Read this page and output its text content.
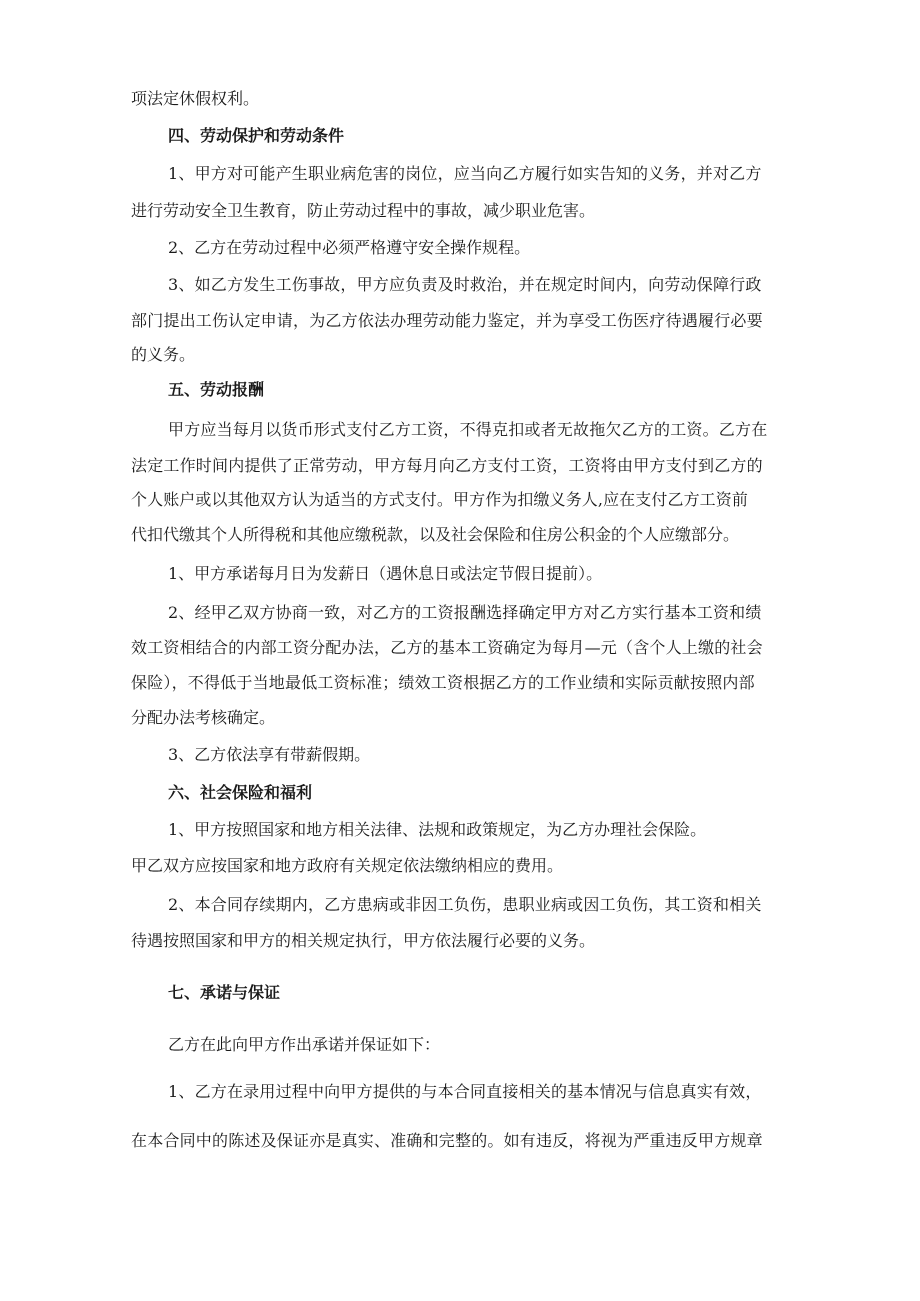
项法定休假权利。

四、劳动保护和劳动条件

1、甲方对可能产生职业病危害的岗位，应当向乙方履行如实告知的义务，并对乙方

进行劳动安全卫生教育，防止劳动过程中的事故，减少职业危害。

2、乙方在劳动过程中必须严格遵守安全操作规程。

3、如乙方发生工伤事故，甲方应负责及时救治，并在规定时间内，向劳动保障行政

部门提出工伤认定申请，为乙方依法办理劳动能力鉴定，并为享受工伤医疗待遇履行必要

的义务。

五、劳动报酬

甲方应当每月以货币形式支付乙方工资，不得克扣或者无故拖欠乙方的工资。乙方在

法定工作时间内提供了正常劳动，甲方每月向乙方支付工资，工资将由甲方支付到乙方的

个人账户或以其他双方认为适当的方式支付。甲方作为扣缴义务人,应在支付乙方工资前

代扣代缴其个人所得税和其他应缴税款，以及社会保险和住房公积金的个人应缴部分。

1、甲方承诺每月日为发薪日（遇休息日或法定节假日提前）。

2、经甲乙双方协商一致，对乙方的工资报酬选择确定甲方对乙方实行基本工资和绩

效工资相结合的内部工资分配办法，乙方的基本工资确定为每月—元（含个人上缴的社会

保险），不得低于当地最低工资标准；绩效工资根据乙方的工作业绩和实际贡献按照内部

分配办法考核确定。

3、乙方依法享有带薪假期。

六、社会保险和福利

1、甲方按照国家和地方相关法律、法规和政策规定，为乙方办理社会保险。

甲乙双方应按国家和地方政府有关规定依法缴纳相应的费用。

2、本合同存续期内，乙方患病或非因工负伤，患职业病或因工负伤，其工资和相关

待遇按照国家和甲方的相关规定执行，甲方依法履行必要的义务。

七、承诺与保证

乙方在此向甲方作出承诺并保证如下：

1、乙方在录用过程中向甲方提供的与本合同直接相关的基本情况与信息真实有效，

在本合同中的陈述及保证亦是真实、准确和完整的。如有违反，将视为严重违反甲方规章
